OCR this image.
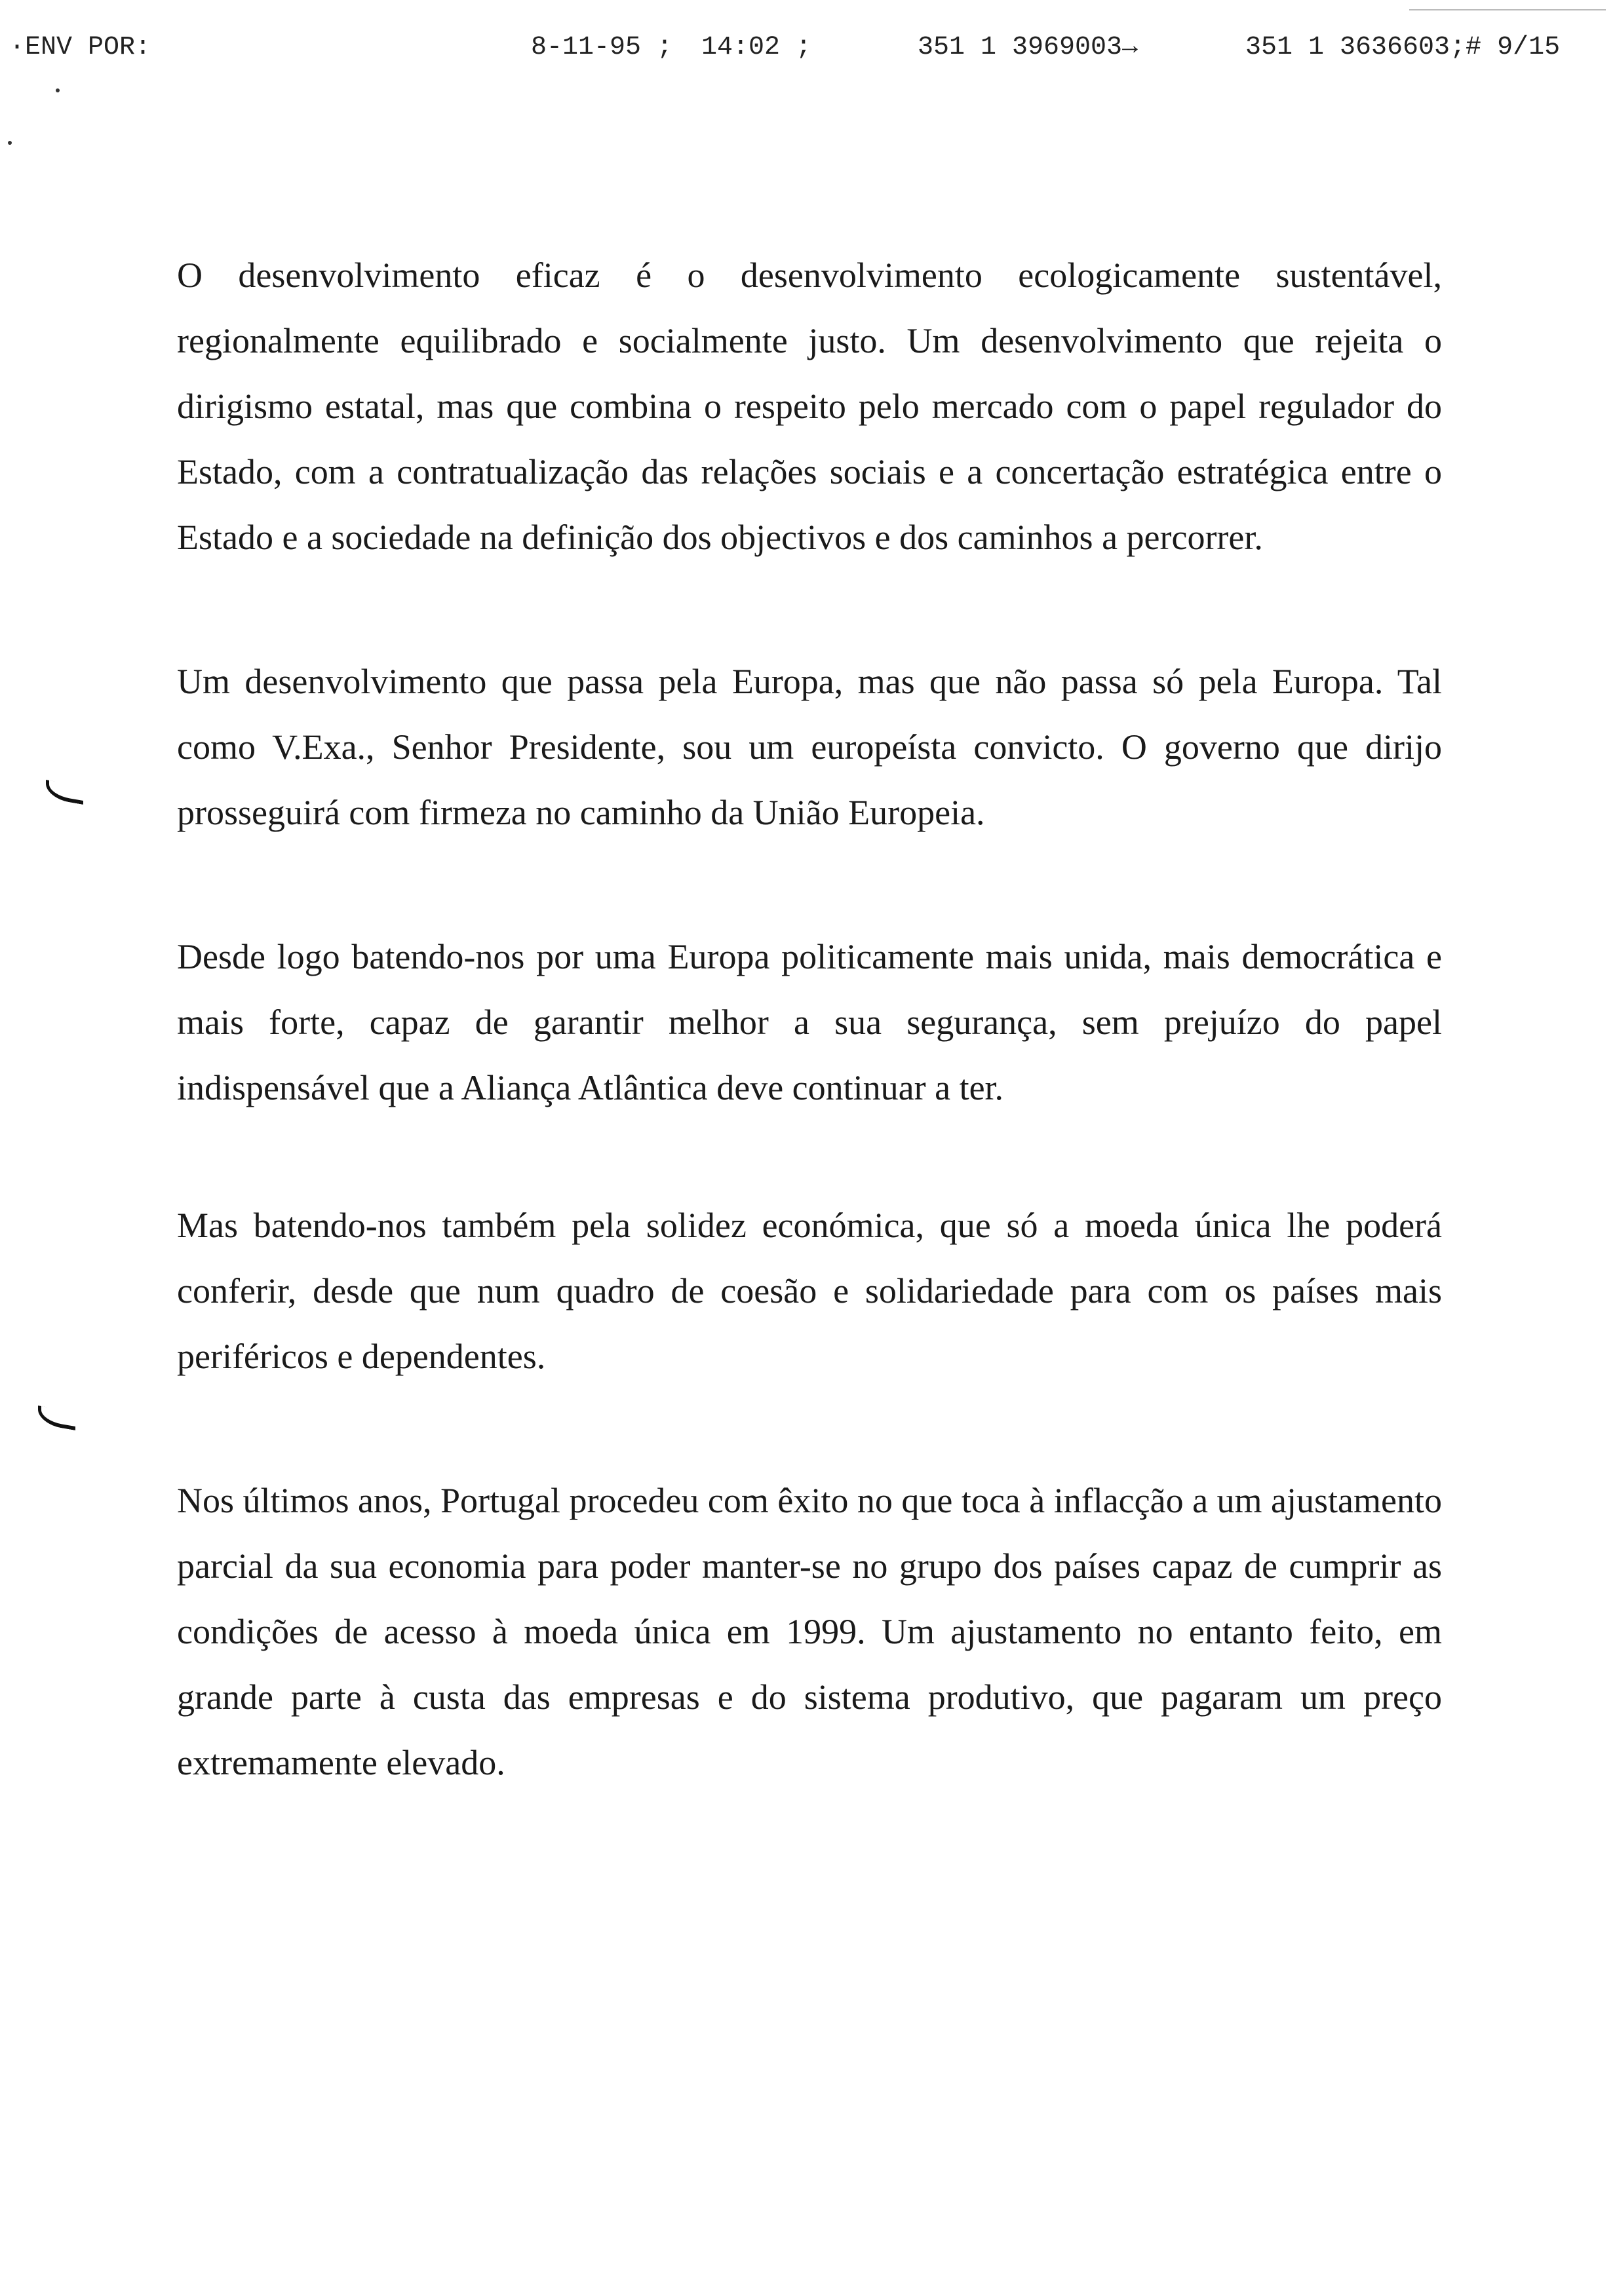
·ENV POR:	8-11-95 ; 14:02 ;	351 1 3969003→	351 1 3636603;# 9/15

O desenvolvimento eficaz é o desenvolvimento ecologicamente sustentável, regionalmente equilibrado e socialmente justo. Um desenvolvimento que rejeita o dirigismo estatal, mas que combina o respeito pelo mercado com o papel regulador do Estado, com a contratualização das relações sociais e a concertação estratégica entre o Estado e a sociedade na definição dos objectivos e dos caminhos a percorrer.

Um desenvolvimento que passa pela Europa, mas que não passa só pela Europa. Tal como V.Exa., Senhor Presidente, sou um europeísta convicto. O governo que dirijo prosseguirá com firmeza no caminho da União Europeia.

Desde logo batendo-nos por uma Europa politicamente mais unida, mais democrática e mais forte, capaz de garantir melhor a sua segurança, sem prejuízo do papel indispensável que a Aliança Atlântica deve continuar a ter.

Mas batendo-nos também pela solidez económica, que só a moeda única lhe poderá conferir, desde que num quadro de coesão e solidariedade para com os países mais periféricos e dependentes.

Nos últimos anos, Portugal procedeu com êxito no que toca à inflacção a um ajustamento parcial da sua economia para poder manter-se no grupo dos países capaz de cumprir as condições de acesso à moeda única em 1999. Um ajustamento no entanto feito, em grande parte à custa das empresas e do sistema produtivo, que pagaram um preço extremamente elevado.
